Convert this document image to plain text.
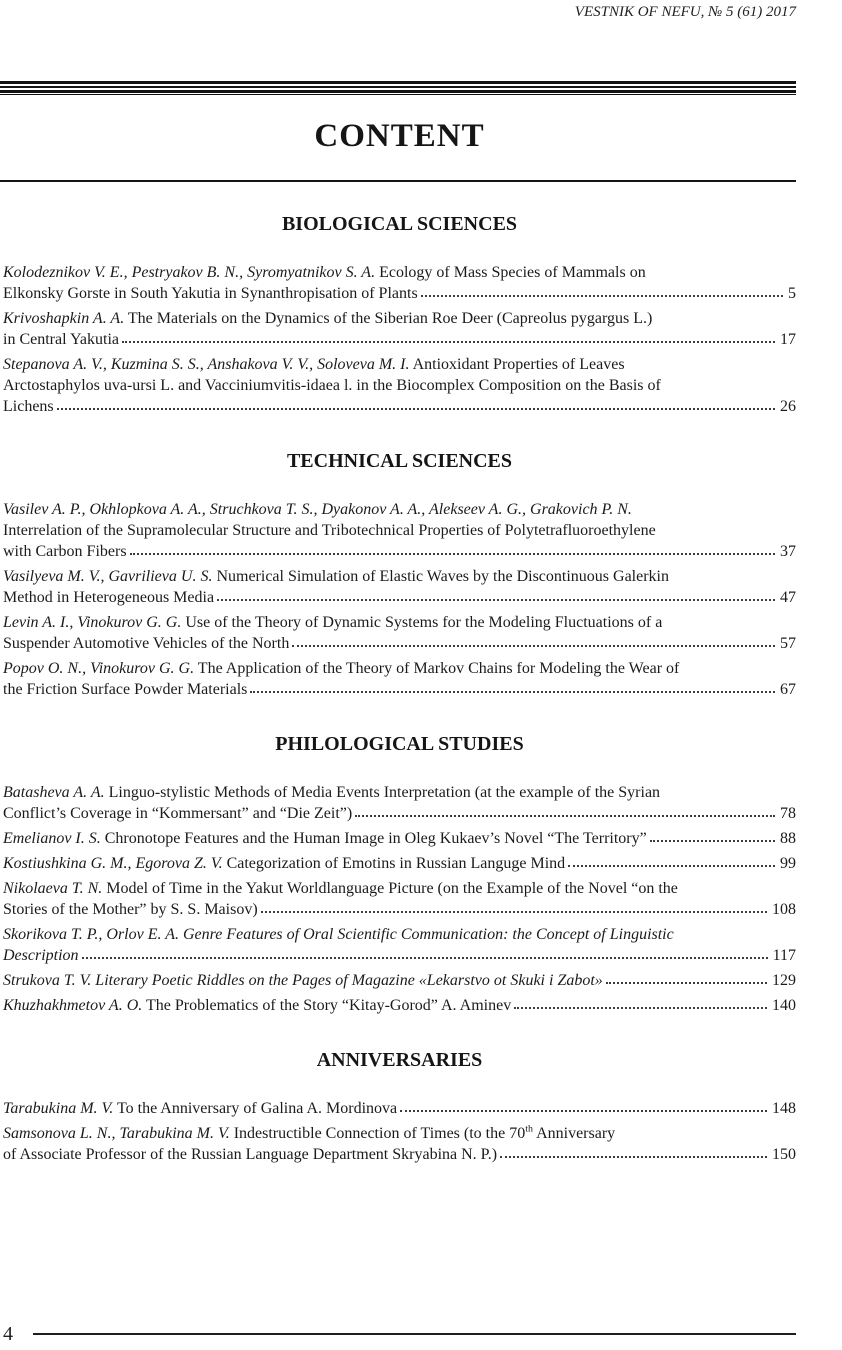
VESTNIK OF NEFU, № 5 (61) 2017
CONTENT
BIOLOGICAL SCIENCES
Kolodeznikov V. E., Pestryakov B. N., Syromyatnikov S. A. Ecology of Mass Species of Mammals on
Elkonsky Gorste in South Yakutia in Synanthropisation of Plants	5
Krivoshapkin A. A. The Materials on the Dynamics of the Siberian Roe Deer (Capreolus pygargus L.)
in Central Yakutia	17
Stepanova A. V., Kuzmina S. S., Anshakova V. V., Soloveva M. I. Antioxidant Properties of Leaves
Arctostaphylos uva-ursi L. and Vacciniumvitis-idaea l. in the Biocomplex Composition on the Basis of
Lichens	26
TECHNICAL SCIENCES
Vasilev A. P., Okhlopkova A. A., Struchkova T. S., Dyakonov A. A., Alekseev A. G., Grakovich P. N.
Interrelation of the Supramolecular Structure and Tribotechnical Properties of Polytetrafluoroethylene
with Carbon Fibers	37
Vasilyeva M. V., Gavrilieva U. S. Numerical Simulation of Elastic Waves by the Discontinuous Galerkin
Method in Heterogeneous Media	47
Levin A. I., Vinokurov G. G. Use of the Theory of Dynamic Systems for the Modeling Fluctuations of a
Suspender Automotive Vehicles of the North	57
Popov O. N., Vinokurov G. G. The Application of the Theory of Markov Chains for Modeling the Wear of
the Friction Surface Powder Materials	67
PHILOLOGICAL STUDIES
Batasheva A. A. Linguo-stylistic Methods of Media Events Interpretation (at the example of the Syrian
Conflict’s Coverage in “Kommersant” and “Die Zeit”)	78
Emelianov I. S. Chronotope Features and the Human Image in Oleg Kukaev’s Novel “The Territory”	88
Kostiushkina G. M., Egorova Z. V. Categorization of Emotins in Russian Languge Mind	99
Nikolaeva T. N. Model of Time in the Yakut Worldlanguage Picture (on the Example of the Novel “on the
Stories of the Mother” by S. S. Maisov)	108
Skorikova T. P., Orlov E. A. Genre Features of Oral Scientific Communication: the Concept of Linguistic
Description	117
Strukova T. V. Literary Poetic Riddles on the Pages of Magazine «Lekarstvo ot Skuki i Zabot»	129
Khuzhakhmetov A. O. The Problematics of the Story “Kitay-Gorod” A. Aminev	140
ANNIVERSARIES
Tarabukina M. V. To the Anniversary of Galina A. Mordinova	148
Samsonova L. N., Tarabukina M. V. Indestructible Connection of Times (to the 70th Anniversary
of Associate Professor of the Russian Language Department Skryabina N. P.)	150
4
